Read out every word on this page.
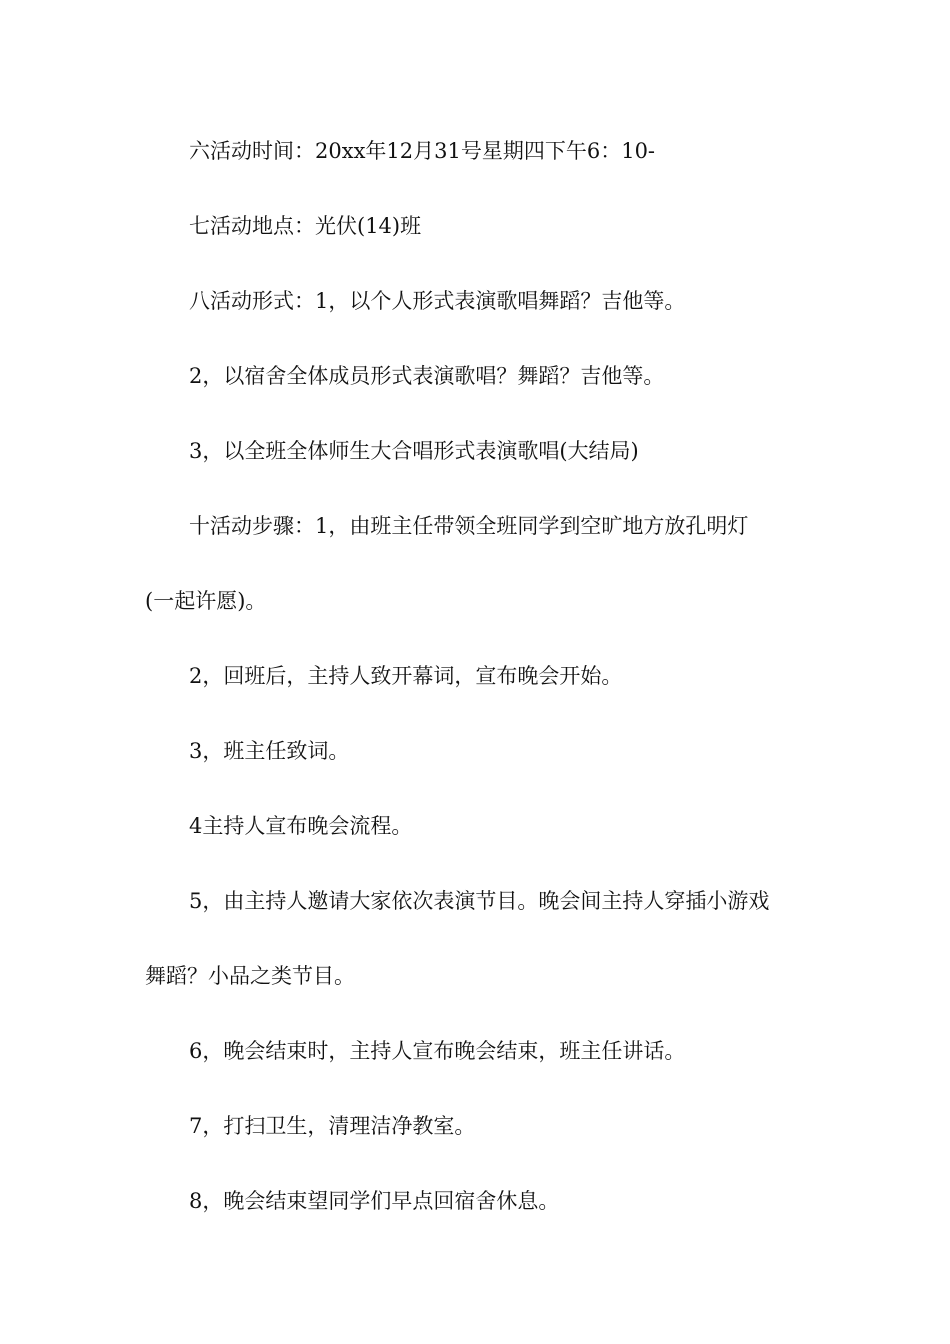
六活动时间：20xx年12月31号星期四下午6：10-

七活动地点：光伏(14)班

八活动形式：1，以个人形式表演歌唱舞蹈？吉他等。

2，以宿舍全体成员形式表演歌唱？舞蹈？吉他等。

3，以全班全体师生大合唱形式表演歌唱(大结局)

十活动步骤：1，由班主任带领全班同学到空旷地方放孔明灯

(一起许愿)。

2，回班后，主持人致开幕词，宣布晚会开始。

3，班主任致词。

4主持人宣布晚会流程。

5，由主持人邀请大家依次表演节目。晚会间主持人穿插小游戏

舞蹈？小品之类节目。

6，晚会结束时，主持人宣布晚会结束，班主任讲话。

7，打扫卫生，清理洁净教室。

8，晚会结束望同学们早点回宿舍休息。
